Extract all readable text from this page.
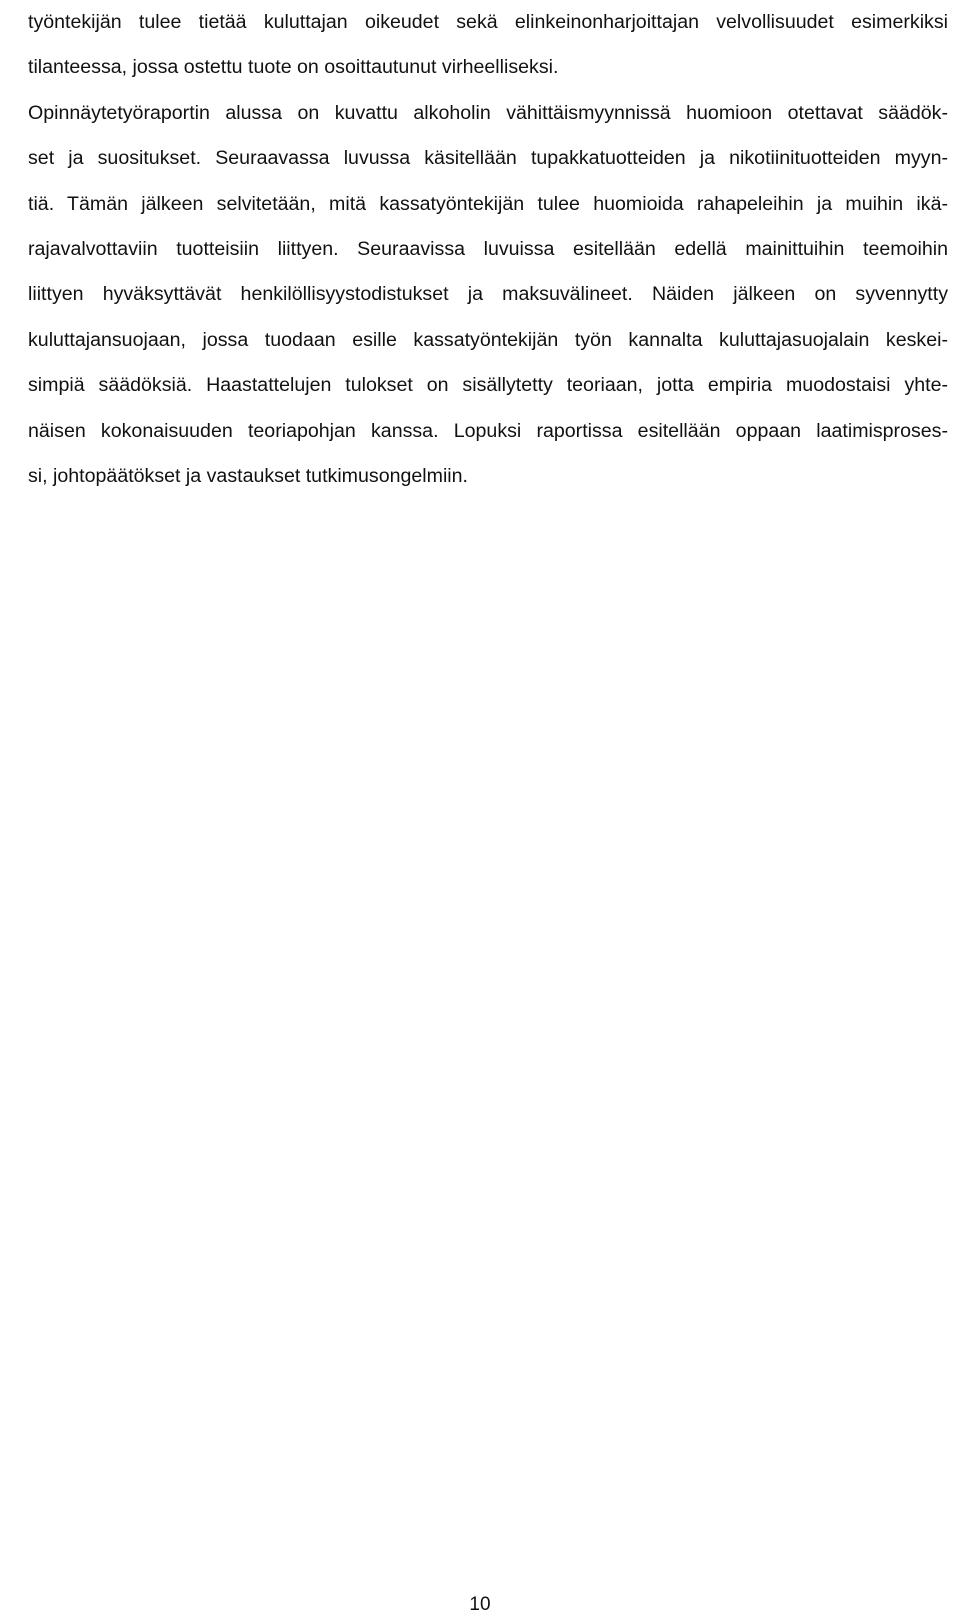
työntekijän tulee tietää kuluttajan oikeudet sekä elinkeinonharjoittajan velvollisuudet esimerkiksi
tilanteessa, jossa ostettu tuote on osoittautunut virheelliseksi.
Opinnäytetyöraportin alussa on kuvattu alkoholin vähittäismyynnissä huomioon otettavat säädök-
set ja suositukset. Seuraavassa luvussa käsitellään tupakkatuotteiden ja nikotiinituotteiden myyn-
tiä. Tämän jälkeen selvitetään, mitä kassatyöntekijän tulee huomioida rahapeleihin ja muihin ikä-
rajavalvottaviin tuotteisiin liittyen. Seuraavissa luvuissa esitellään edellä mainittuihin teemoihin
liittyen hyväksyttävät henkilöllisyystodistukset ja maksuvälineet. Näiden jälkeen on syvennytty
kuluttajansuojaan, jossa tuodaan esille kassatyöntekijän työn kannalta kuluttajasuojalain keskei-
simpiä säädöksiä. Haastattelujen tulokset on sisällytetty teoriaan, jotta empiria muodostaisi yhte-
näisen kokonaisuuden teoriapohjan kanssa. Lopuksi raportissa esitellään oppaan laatimisproses-
si, johtopäätökset ja vastaukset tutkimusongelmiin.
10
